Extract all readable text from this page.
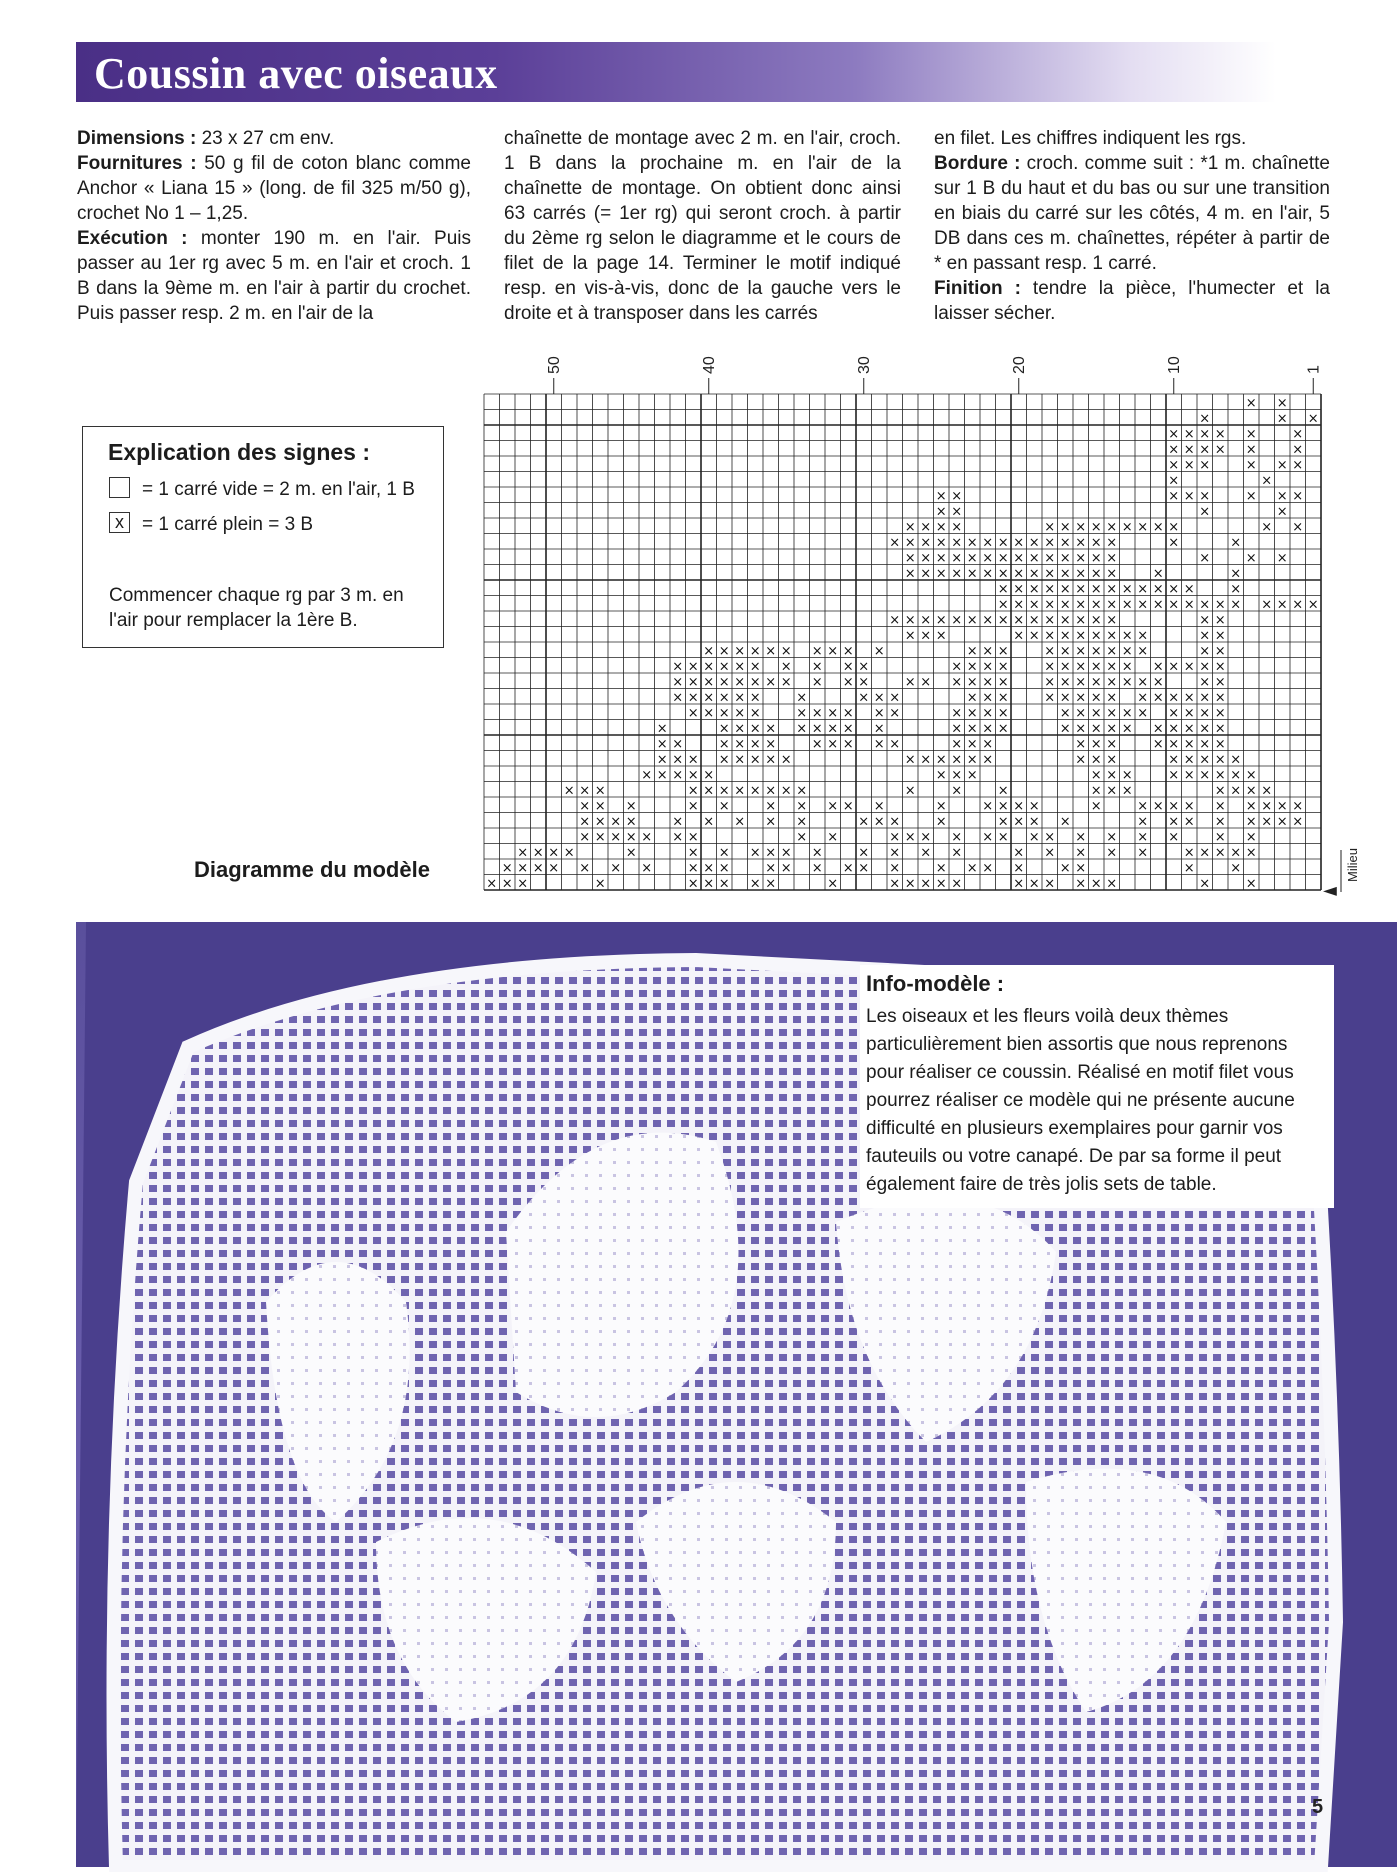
Coussin avec oiseaux

Dimensions : 23 x 27 cm env.

Fournitures : 50 g fil de coton blanc comme Anchor « Liana 15 » (long. de fil 325 m/50 g), crochet No 1 – 1,25.

Exécution : monter 190 m. en l'air. Puis passer au 1er rg avec 5 m. en l'air et croch. 1 B dans la 9ème m. en l'air à partir du crochet. Puis passer resp. 2 m. en l'air de la

chaînette de montage avec 2 m. en l'air, croch. 1 B dans la prochaine m. en l'air de la chaînette de montage. On obtient donc ainsi 63 carrés (= 1er rg) qui seront croch. à partir du 2ème rg selon le diagramme et le cours de filet de la page 14. Terminer le motif indiqué resp. en vis-à-vis, donc de la gauche vers le droite et à transposer dans les carrés

en filet. Les chiffres indiquent les rgs.

Bordure : croch. comme suit : *1 m. chaînette sur 1 B du haut et du bas ou sur une transition en biais du carré sur les côtés, 4 m. en l'air, 5 DB dans ces m. chaînettes, répéter à partir de * en passant resp. 1 carré.

Finition : tendre la pièce, l'humecter et la laisser sécher.

Explication des signes :
= 1 carré vide = 2 m. en l'air, 1 B
x = 1 carré plein = 3 B
Commencer chaque rg par 3 m. en l'air pour remplacer la 1ère B.
Diagramme du modèle
×
×
×
×
×
×
×
×
×
×
×
×
×
×
×
×
×
×
×
×
×
×
×
×
×
×
×
×
×
×
×
×
×
×
×
×
×
×
×
×
×
×
×
×
×
×
×
×
×
×
×
×
×
×
×
×
×
×
×
×
×
×
×
×
×
×
×
×
×
×
×
×
×
×
×
×
×
×
×
×
×
×
×
×
×
×
×
×
×
×
×
×
×
×
×
×
×
×
×
×
×
×
×
×
×
×
×
×
×
×
×
×
×
×
×
×
×
×
×
×
×
×
×
×
×
×
×
×
×
×
×
×
×
×
×
×
×
×
×
×
×
×
×
×
×
×
×
×
×
×
×
×
×
×
×
×
×
×
×
×
×
×
×
×
×
×
×
×
×
×
×
×
×
×
×
×
×
×
×
×
×
×
×
×
×
×
×
×
×
×
×
×
×
×
×
×
×
×
×
×
×
×
×
×
×
×
×
×
×
×
×
×
×
×
×
×
×
×
×
×
×
×
×
×
×
×
×
×
×
×
×
×
×
×
×
×
×
×
×
×
×
×
×
×
×
×
×
×
×
×
×
×
×
×
×
×
×
×
×
×
×
×
×
×
×
×
×
×
×
×
×
×
×
×
×
×
×
×
×
×
×
×
×
×
×
×
×
×
×
×
×
×
×
×
×
×
×
×
×
×
×
×
×
×
×
×
×
×
×
×
×
×
×
×
×
×
×
×
×
×
×
×
×
×
×
×
×
×
×
×
×
×
×
×
×
×
×
×
×
×
×
×
×
×
×
×
×
×
×
×
×
×
×
×
×
×
×
×
×
×
×
×
×
×
×
×
×
×
×
×
×
×
×
×
×
×
×
×
×
×
×
×
×
×
×
×
×
×
×
×
×
×
×
×
×
×
×
×
×
×
×
×
×
×
×
×
×
×
×
×
×
×
×
×
×
×
×
×
×
×
×
×
×
×
×
×
×
×
×
×
×
×
×
×
×
×
×
×
×
×
×
×
×
×
×
×
×
×
×
×
×
×
×
×
×
×
×
×
×
×
×
×
×
×
×
×
×
×
×
×
×
×
×
×
×
×
×
×
×
×
×
×
×
×
×
×
×
×
×
×
×
×
×
×
×
×
×
×
×
×
×
×
×
×
×
×
×
×
×
×
×
×
×
×
×
×
×
×
×
×
×
×
×
×
×
×
×
×
×
×
×
×
×
×
×
×
×
×
×
×
×
1
10
20
30
40
50
◄
Milieu
Info-modèle :
Les oiseaux et les fleurs voilà deux thèmes particulièrement bien assortis que nous reprenons pour réaliser ce coussin. Réalisé en motif filet vous pourrez réaliser ce modèle qui ne présente aucune difficulté en plusieurs exemplaires pour garnir vos fauteuils ou votre canapé. De par sa forme il peut également faire de très jolis sets de table.
5
